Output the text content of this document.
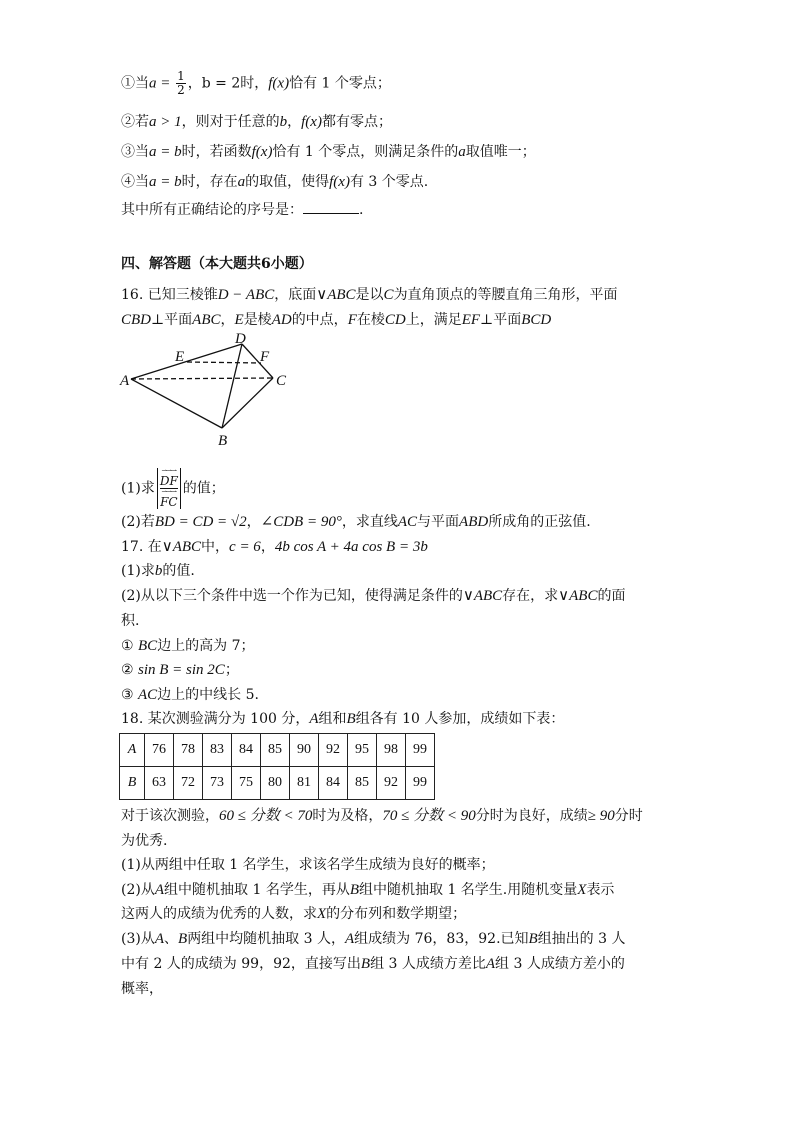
①当$a = \frac{1}{2}$ ，b = 2时，f(x)恰有 1 个零点；
②若a > 1，则对于任意的b，f(x)都有零点；
③当a = b时，若函数f(x)恰有 1 个零点，则满足条件的a取值唯一；
④当a = b时，存在a的取值，使得f(x)有 3 个零点.
其中所有正确结论的序号是：	.
四、解答题（本大题共6小题）
16. 已知三棱锥D − ABC，底面∨ABC是以C为直角顶点的等腰直角三角形，平面
CBD⊥平面ABC，E是棱AD的中点，F在棱CD上，满足EF⊥平面BCD
D
E	F
A	C
B
(1)求
⇀⇀⇀
DF
⇀⇀⇀
FC
的值；
(2)若BD = CD = √2，∠CDB = 90°，求直线AC与平面ABD所成角的正弦值.
17. 在∨ABC中，c = 6，4b cos A + 4a cos B = 3b
(1)求b的值.
(2)从以下三个条件中选一个作为已知，使得满足条件的∨ABC存在，求∨ABC的面
积.
① BC边上的高为 7；
② sin B = sin 2C；
③ AC边上的中线长 5.
18. 某次测验满分为 100 分，A组和B组各有 10 人参加，成绩如下表：
A	76	78	83	84	85	90	92	95	98	99
B	63	72	73	75	80	81	84	85	92	99
对于该次测验，60 ≤ 分数 < 70时为及格，70 ≤ 分数 < 90分时为良好，成绩≥ 90分时
为优秀.
(1)从两组中任取 1 名学生，求该名学生成绩为良好的概率；
(2)从A组中随机抽取 1 名学生，再从B组中随机抽取 1 名学生.用随机变量X表示
这两人的成绩为优秀的人数，求X的分布列和数学期望；
(3)从A、B两组中均随机抽取 3 人，A组成绩为 76，83，92.已知B组抽出的 3 人
中有 2 人的成绩为 99，92，直接写出B组 3 人成绩方差比A组 3 人成绩方差小的
概率，
